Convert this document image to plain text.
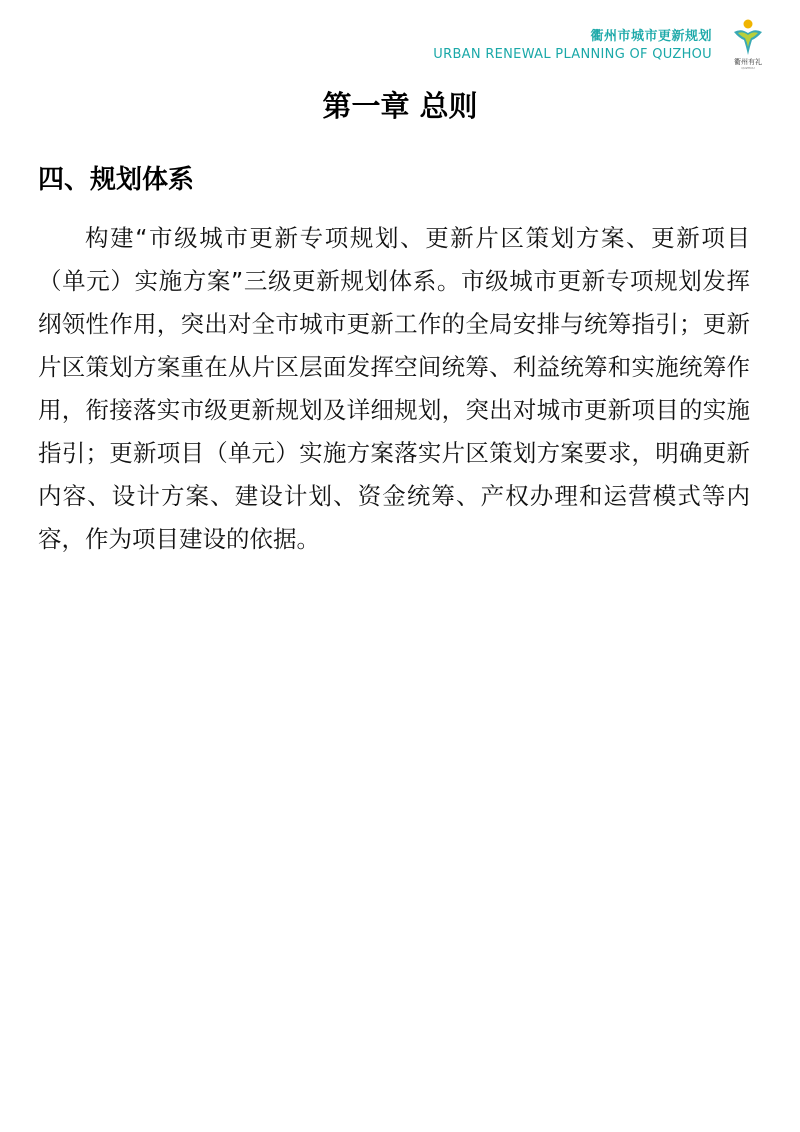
衢州市城市更新规划
URBAN RENEWAL PLANNING OF QUZHOU	衢州有礼
QUZHOU
第一章 总则
四、规划体系

构建“市级城市更新专项规划、更新片区策划方案、更新项目（单元）实施方案”三级更新规划体系。市级城市更新专项规划发挥纲领性作用，突出对全市城市更新工作的全局安排与统筹指引；更新片区策划方案重在从片区层面发挥空间统筹、利益统筹和实施统筹作用，衔接落实市级更新规划及详细规划，突出对城市更新项目的实施指引；更新项目（单元）实施方案落实片区策划方案要求，明确更新内容、设计方案、建设计划、资金统筹、产权办理和运营模式等内容，作为项目建设的依据。
